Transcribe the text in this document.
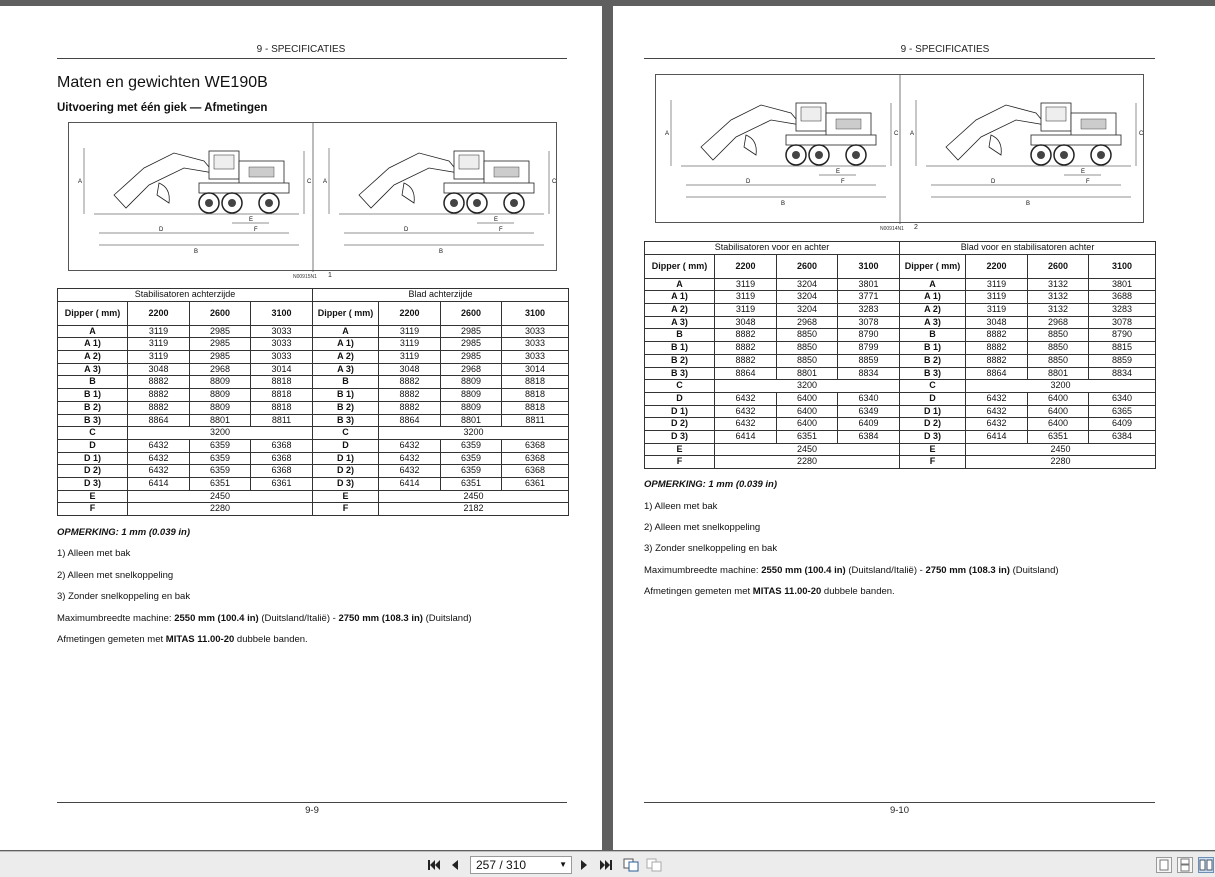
9 - SPECIFICATIES
Maten en gewichten WE190B
Uitvoering met één giek — Afmetingen
A
B
C
D
E
F
A
B
C
D
E
F
N00915N1 1
Stabilisatoren achterzijde				Blad achterzijde			
Dipper ( mm)	2200	2600	3100	Dipper ( mm)	2200	2600	3100
A	3119	2985	3033	A	3119	2985	3033
A 1)	3119	2985	3033	A 1)	3119	2985	3033
A 2)	3119	2985	3033	A 2)	3119	2985	3033
A 3)	3048	2968	3014	A 3)	3048	2968	3014
B	8882	8809	8818	B	8882	8809	8818
B 1)	8882	8809	8818	B 1)	8882	8809	8818
B 2)	8882	8809	8818	B 2)	8882	8809	8818
B 3)	8864	8801	8811	B 3)	8864	8801	8811
C	3200			C	3200		
D	6432	6359	6368	D	6432	6359	6368
D 1)	6432	6359	6368	D 1)	6432	6359	6368
D 2)	6432	6359	6368	D 2)	6432	6359	6368
D 3)	6414	6351	6361	D 3)	6414	6351	6361
E	2450			E	2450		
F	2280			F	2182		
OPMERKING: 1 mm (0.039 in)
1) Alleen met bak
2) Alleen met snelkoppeling
3) Zonder snelkoppeling en bak
Maximumbreedte machine: 2550 mm (100.4 in) (Duitsland/Italië) - 2750 mm (108.3 in) (Duitsland)
Afmetingen gemeten met MITAS 11.00-20 dubbele banden.
9-9
9 - SPECIFICATIES
A
B
C
D
E
F
A
B
C
D
E
F
N00914N1 2
Stabilisatoren voor en achter				Blad voor en stabilisatoren achter			
Dipper ( mm)	2200	2600	3100	Dipper ( mm)	2200	2600	3100
A	3119	3204	3801	A	3119	3132	3801
A 1)	3119	3204	3771	A 1)	3119	3132	3688
A 2)	3119	3204	3283	A 2)	3119	3132	3283
A 3)	3048	2968	3078	A 3)	3048	2968	3078
B	8882	8850	8790	B	8882	8850	8790
B 1)	8882	8850	8799	B 1)	8882	8850	8815
B 2)	8882	8850	8859	B 2)	8882	8850	8859
B 3)	8864	8801	8834	B 3)	8864	8801	8834
C	3200			C	3200		
D	6432	6400	6340	D	6432	6400	6340
D 1)	6432	6400	6349	D 1)	6432	6400	6365
D 2)	6432	6400	6409	D 2)	6432	6400	6409
D 3)	6414	6351	6384	D 3)	6414	6351	6384
E	2450			E	2450		
F	2280			F	2280		
OPMERKING: 1 mm (0.039 in)
1) Alleen met bak
2) Alleen met snelkoppeling
3) Zonder snelkoppeling en bak
Maximumbreedte machine: 2550 mm (100.4 in) (Duitsland/Italië) - 2750 mm (108.3 in) (Duitsland)
Afmetingen gemeten met MITAS 11.00-20 dubbele banden.
9-10
257 / 310	▼
